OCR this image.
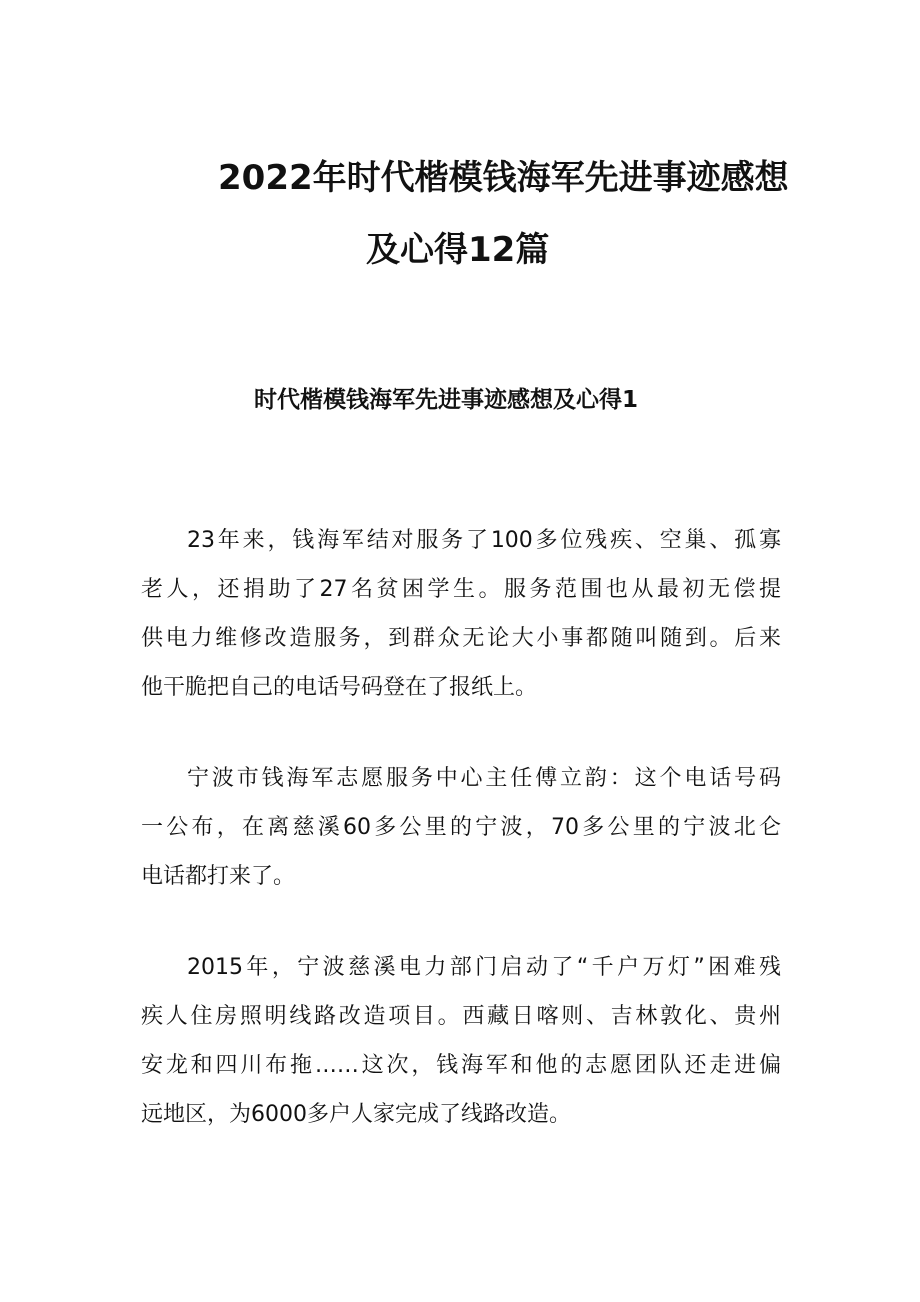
2022年时代楷模钱海军先进事迹感想
及心得12篇
时代楷模钱海军先进事迹感想及心得1
23年来，钱海军结对服务了100多位残疾、空巢、孤寡
老人，还捐助了27名贫困学生。服务范围也从最初无偿提
供电力维修改造服务，到群众无论大小事都随叫随到。后来
他干脆把自己的电话号码登在了报纸上。
宁波市钱海军志愿服务中心主任傅立韵：这个电话号码
一公布，在离慈溪60多公里的宁波，70多公里的宁波北仑
电话都打来了。
2015年，宁波慈溪电力部门启动了“千户万灯”困难残
疾人住房照明线路改造项目。西藏日喀则、吉林敦化、贵州
安龙和四川布拖……这次，钱海军和他的志愿团队还走进偏
远地区，为6000多户人家完成了线路改造。
